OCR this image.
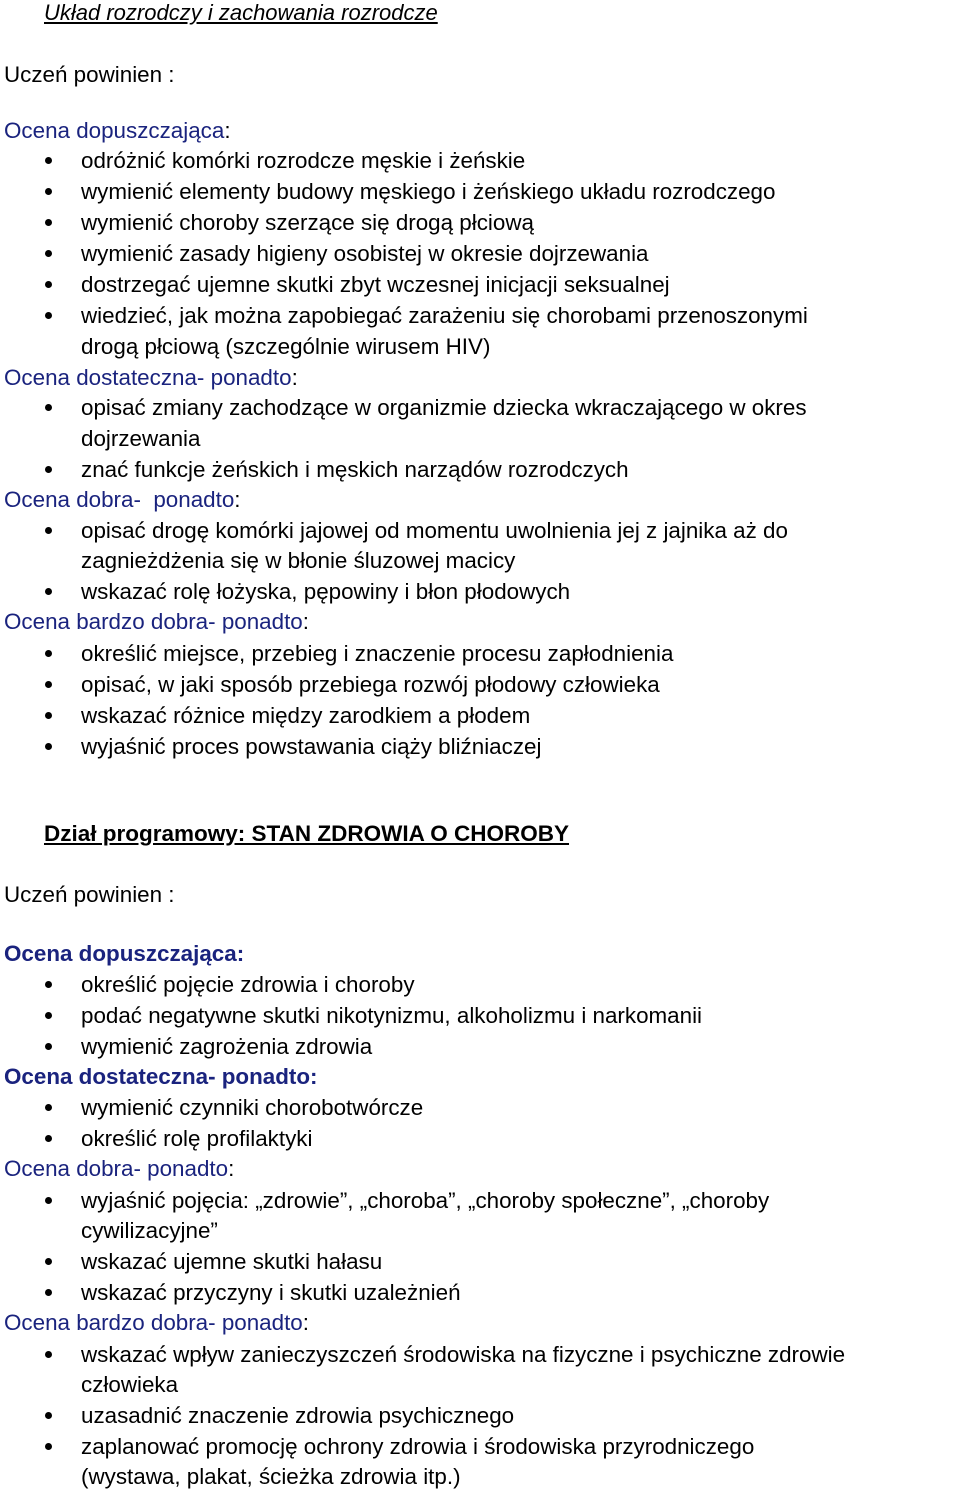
Układ rozrodczy i zachowania rozrodcze
Uczeń powinien :
Ocena dopuszczająca:
odróżnić komórki rozrodcze męskie i żeńskie
wymienić elementy budowy męskiego i żeńskiego układu rozrodczego
wymienić choroby szerzące się drogą płciową
wymienić zasady higieny osobistej w okresie dojrzewania
dostrzegać ujemne skutki zbyt wczesnej inicjacji seksualnej
wiedzieć, jak można zapobiegać zarażeniu się chorobami przenoszonymi
drogą płciową (szczególnie wirusem HIV)
Ocena dostateczna- ponadto:
opisać zmiany zachodzące w organizmie dziecka wkraczającego w okres
dojrzewania
znać funkcje żeńskich i męskich narządów rozrodczych
Ocena dobra-  ponadto:
opisać drogę komórki jajowej od momentu uwolnienia jej z jajnika aż do
zagnieżdżenia się w błonie śluzowej macicy
wskazać rolę łożyska, pępowiny i błon płodowych
Ocena bardzo dobra- ponadto:
określić miejsce, przebieg i znaczenie procesu zapłodnienia
opisać, w jaki sposób przebiega rozwój płodowy człowieka
wskazać różnice między zarodkiem a płodem
wyjaśnić proces powstawania ciąży bliźniaczej
Dział programowy: STAN ZDROWIA O CHOROBY
Uczeń powinien :
Ocena dopuszczająca:
określić pojęcie zdrowia i choroby
podać negatywne skutki nikotynizmu, alkoholizmu i narkomanii
wymienić zagrożenia zdrowia
Ocena dostateczna- ponadto:
wymienić czynniki chorobotwórcze
określić rolę profilaktyki
Ocena dobra- ponadto:
wyjaśnić pojęcia: „zdrowie”, „choroba”, „choroby społeczne”, „choroby
cywilizacyjne”
wskazać ujemne skutki hałasu
wskazać przyczyny i skutki uzależnień
Ocena bardzo dobra- ponadto:
wskazać wpływ zanieczyszczeń środowiska na fizyczne i psychiczne zdrowie
człowieka
uzasadnić znaczenie zdrowia psychicznego
zaplanować promocję ochrony zdrowia i środowiska przyrodniczego
(wystawa, plakat, ścieżka zdrowia itp.)
